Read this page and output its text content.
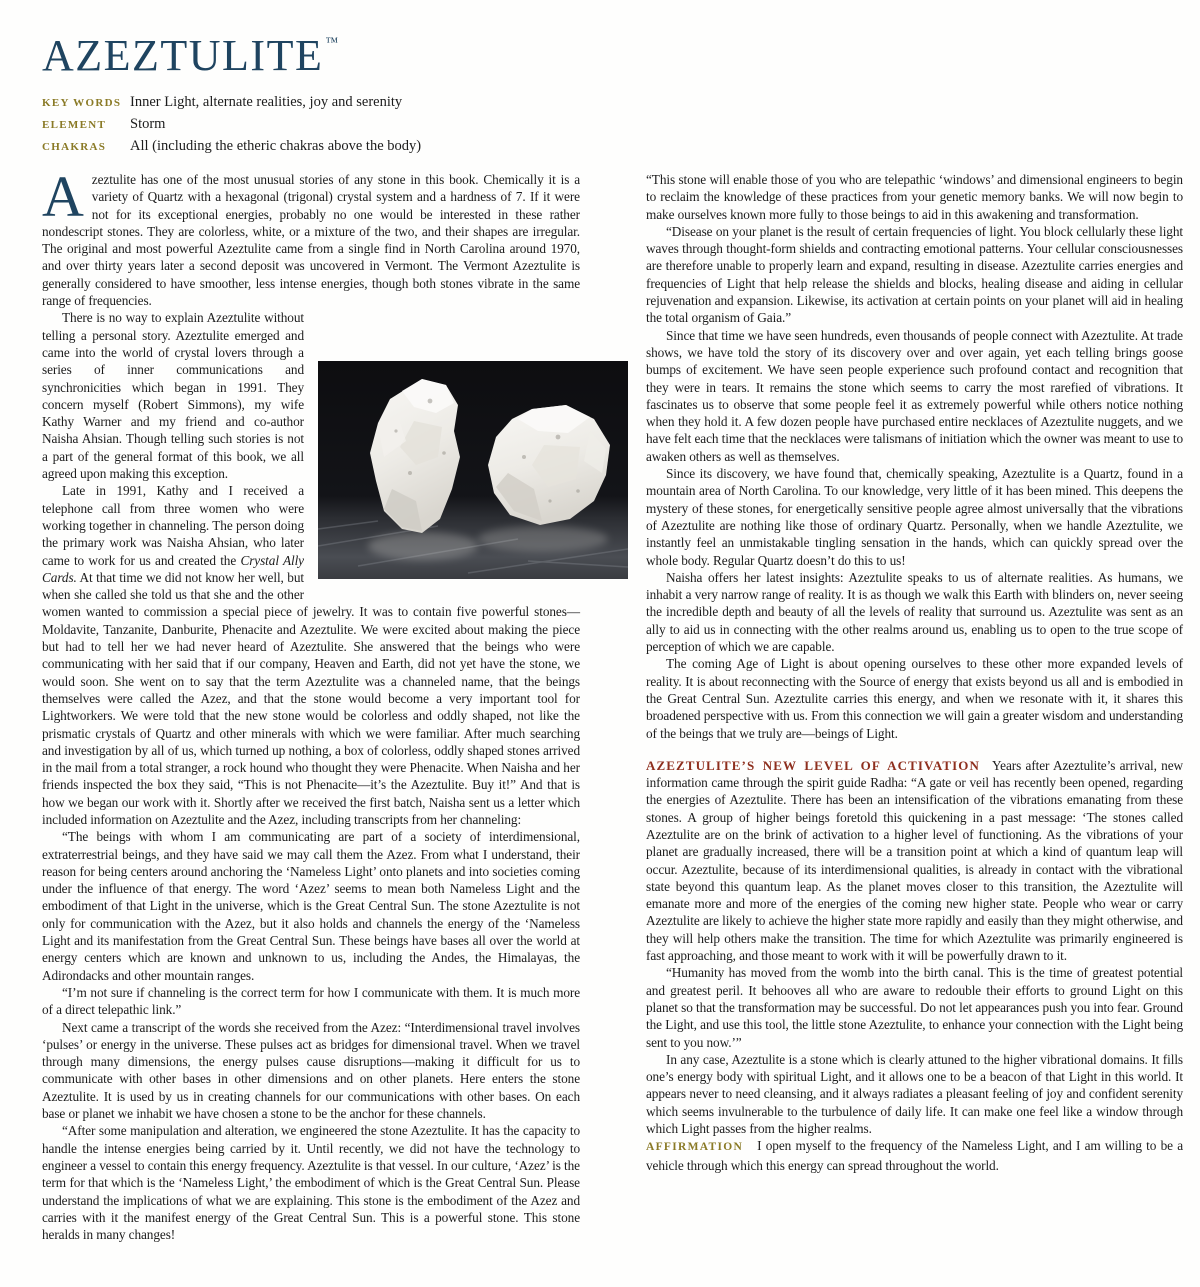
AZEZTULITE ™
KEY WORDS Inner Light, alternate realities, joy and serenity
ELEMENT	Storm
CHAKRAS	All (including the etheric chakras above the body)

Azeztulite has one of the most unusual stories of any stone in this book. Chemically it is a variety of Quartz with a hexagonal (trigonal) crystal system and a hardness of 7. If it were not for its exceptional energies, probably no one would be interested in these rather nondescript stones. They are colorless, white, or a mixture of the two, and their shapes are irregular. The original and most powerful Azeztulite came from a single find in North Carolina around 1970, and over thirty years later a second deposit was uncovered in Vermont. The Vermont Azeztulite is generally considered to have smoother, less intense energies, though both stones vibrate in the same range of frequencies.

There is no way to explain Azeztulite without telling a personal story. Azeztulite emerged and came into the world of crystal lovers through a series of inner communications and synchronicities which began in 1991. They concern myself (Robert Simmons), my wife Kathy Warner and my friend and co-author Naisha Ahsian. Though telling such stories is not a part of the general format of this book, we all agreed upon making this exception.

Late in 1991, Kathy and I received a telephone call from three women who were working together in channeling. The person doing the primary work was Naisha Ahsian, who later came to work for us and created the Crystal Ally Cards. At that time we did not know her well, but when she called she told us that she and the other women wanted to commission a special piece of jewelry. It was to contain five powerful stones—Moldavite, Tanzanite, Danburite, Phenacite and Azeztulite. We were excited about making the piece but had to tell her we had never heard of Azeztulite. She answered that the beings who were communicating with her said that if our company, Heaven and Earth, did not yet have the stone, we would soon. She went on to say that the term Azeztulite was a channeled name, that the beings themselves were called the Azez, and that the stone would become a very important tool for Lightworkers. We were told that the new stone would be colorless and oddly shaped, not like the prismatic crystals of Quartz and other minerals with which we were familiar. After much searching and investigation by all of us, which turned up nothing, a box of colorless, oddly shaped stones arrived in the mail from a total stranger, a rock hound who thought they were Phenacite. When Naisha and her friends inspected the box they said, “This is not Phenacite—it’s the Azeztulite. Buy it!” And that is how we began our work with it. Shortly after we received the first batch, Naisha sent us a letter which included information on Azeztulite and the Azez, including transcripts from her channeling:

“The beings with whom I am communicating are part of a society of interdimensional, extraterrestrial beings, and they have said we may call them the Azez. From what I understand, their reason for being centers around anchoring the ‘Nameless Light’ onto planets and into societies coming under the influence of that energy. The word ‘Azez’ seems to mean both Nameless Light and the embodiment of that Light in the universe, which is the Great Central Sun. The stone Azeztulite is not only for communication with the Azez, but it also holds and channels the energy of the ‘Nameless Light and its manifestation from the Great Central Sun. These beings have bases all over the world at energy centers which are known and unknown to us, including the Andes, the Himalayas, the Adirondacks and other mountain ranges.

“I’m not sure if channeling is the correct term for how I communicate with them. It is much more of a direct telepathic link.”

Next came a transcript of the words she received from the Azez: “Interdimensional travel involves ‘pulses’ or energy in the universe. These pulses act as bridges for dimensional travel. When we travel through many dimensions, the energy pulses cause disruptions—making it difficult for us to communicate with other bases in other dimensions and on other planets. Here enters the stone Azeztulite. It is used by us in creating channels for our communications with other bases. On each base or planet we inhabit we have chosen a stone to be the anchor for these channels.

“After some manipulation and alteration, we engineered the stone Azeztulite. It has the capacity to handle the intense energies being carried by it. Until recently, we did not have the technology to engineer a vessel to contain this energy frequency. Azeztulite is that vessel. In our culture, ‘Azez’ is the term for that which is the ‘Nameless Light,’ the embodiment of which is the Great Central Sun. Please understand the implications of what we are explaining. This stone is the embodiment of the Azez and carries with it the manifest energy of the Great Central Sun. This is a powerful stone. This stone heralds in many changes!

“This stone will enable those of you who are telepathic ‘windows’ and dimensional engineers to begin to reclaim the knowledge of these practices from your genetic memory banks. We will now begin to make ourselves known more fully to those beings to aid in this awakening and transformation.

“Disease on your planet is the result of certain frequencies of light. You block cellularly these light waves through thought-form shields and contracting emotional patterns. Your cellular consciousnesses are therefore unable to properly learn and expand, resulting in disease. Azeztulite carries energies and frequencies of Light that help release the shields and blocks, healing disease and aiding in cellular rejuvenation and expansion. Likewise, its activation at certain points on your planet will aid in healing the total organism of Gaia.”

Since that time we have seen hundreds, even thousands of people connect with Azeztulite. At trade shows, we have told the story of its discovery over and over again, yet each telling brings goose bumps of excitement. We have seen people experience such profound contact and recognition that they were in tears. It remains the stone which seems to carry the most rarefied of vibrations. It fascinates us to observe that some people feel it as extremely powerful while others notice nothing when they hold it. A few dozen people have purchased entire necklaces of Azeztulite nuggets, and we have felt each time that the necklaces were talismans of initiation which the owner was meant to use to awaken others as well as themselves.

Since its discovery, we have found that, chemically speaking, Azeztulite is a Quartz, found in a mountain area of North Carolina. To our knowledge, very little of it has been mined. This deepens the mystery of these stones, for energetically sensitive people agree almost universally that the vibrations of Azeztulite are nothing like those of ordinary Quartz. Personally, when we handle Azeztulite, we instantly feel an unmistakable tingling sensation in the hands, which can quickly spread over the whole body. Regular Quartz doesn’t do this to us!

Naisha offers her latest insights: Azeztulite speaks to us of alternate realities. As humans, we inhabit a very narrow range of reality. It is as though we walk this Earth with blinders on, never seeing the incredible depth and beauty of all the levels of reality that surround us. Azeztulite was sent as an ally to aid us in connecting with the other realms around us, enabling us to open to the true scope of perception of which we are capable.

The coming Age of Light is about opening ourselves to these other more expanded levels of reality. It is about reconnecting with the Source of energy that exists beyond us all and is embodied in the Great Central Sun. Azeztulite carries this energy, and when we resonate with it, it shares this broadened perspective with us. From this connection we will gain a greater wisdom and understanding of the beings that we truly are—beings of Light.

AZEZTULITE’S NEW LEVEL OF ACTIVATION Years after Azeztulite’s arrival, new information came through the spirit guide Radha: “A gate or veil has recently been opened, regarding the energies of Azeztulite. There has been an intensification of the vibrations emanating from these stones. A group of higher beings foretold this quickening in a past message: ‘The stones called Azeztulite are on the brink of activation to a higher level of functioning. As the vibrations of your planet are gradually increased, there will be a transition point at which a kind of quantum leap will occur. Azeztulite, because of its interdimensional qualities, is already in contact with the vibrational state beyond this quantum leap. As the planet moves closer to this transition, the Azeztulite will emanate more and more of the energies of the coming new higher state. People who wear or carry Azeztulite are likely to achieve the higher state more rapidly and easily than they might otherwise, and they will help others make the transition. The time for which Azeztulite was primarily engineered is fast approaching, and those meant to work with it will be powerfully drawn to it.

“Humanity has moved from the womb into the birth canal. This is the time of greatest potential and greatest peril. It behooves all who are aware to redouble their efforts to ground Light on this planet so that the transformation may be successful. Do not let appearances push you into fear. Ground the Light, and use this tool, the little stone Azeztulite, to enhance your connection with the Light being sent to you now.’”

In any case, Azeztulite is a stone which is clearly attuned to the higher vibrational domains. It fills one’s energy body with spiritual Light, and it allows one to be a beacon of that Light in this world. It appears never to need cleansing, and it always radiates a pleasant feeling of joy and confident serenity which seems invulnerable to the turbulence of daily life. It can make one feel like a window through which Light passes from the higher realms.

AFFIRMATION I open myself to the frequency of the Nameless Light, and I am willing to be a vehicle through which this energy can spread throughout the world.
